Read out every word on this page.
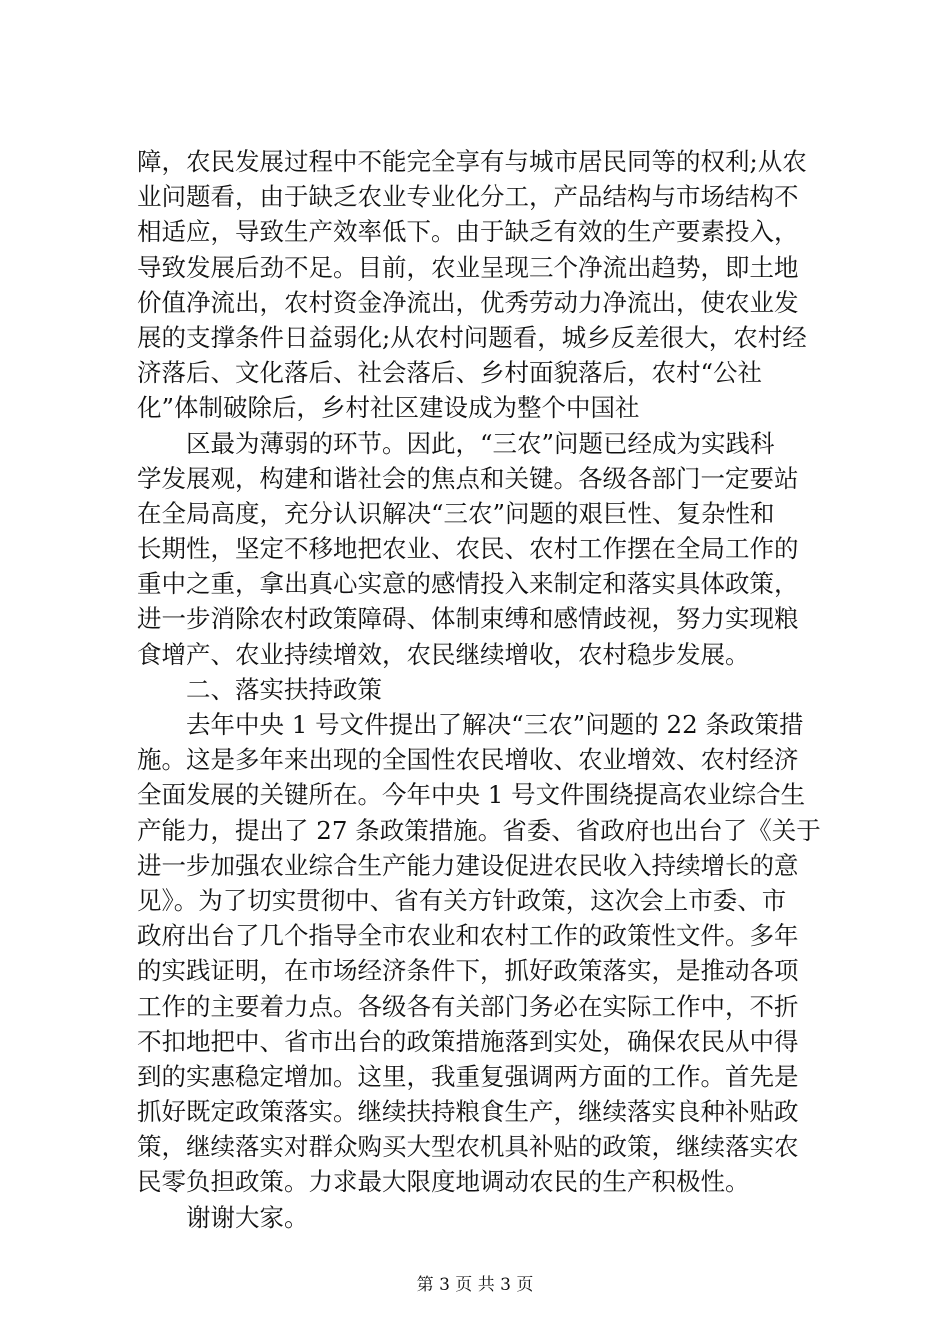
障，农民发展过程中不能完全享有与城市居民同等的权利;从农
业问题看，由于缺乏农业专业化分工，产品结构与市场结构不
相适应，导致生产效率低下。由于缺乏有效的生产要素投入，
导致发展后劲不足。目前，农业呈现三个净流出趋势，即土地
价值净流出，农村资金净流出，优秀劳动力净流出，使农业发
展的支撑条件日益弱化;从农村问题看，城乡反差很大，农村经
济落后、文化落后、社会落后、乡村面貌落后，农村“公社
化”体制破除后，乡村社区建设成为整个中国社
区最为薄弱的环节。因此，“三农”问题已经成为实践科
学发展观，构建和谐社会的焦点和关键。各级各部门一定要站
在全局高度，充分认识解决“三农”问题的艰巨性、复杂性和
长期性，坚定不移地把农业、农民、农村工作摆在全局工作的
重中之重，拿出真心实意的感情投入来制定和落实具体政策，
进一步消除农村政策障碍、体制束缚和感情歧视，努力实现粮
食增产、农业持续增效，农民继续增收，农村稳步发展。
二、落实扶持政策
去年中央 1 号文件提出了解决“三农”问题的 22 条政策措
施。这是多年来出现的全国性农民增收、农业增效、农村经济
全面发展的关键所在。今年中央 1 号文件围绕提高农业综合生
产能力，提出了 27 条政策措施。省委、省政府也出台了《关于
进一步加强农业综合生产能力建设促进农民收入持续增长的意
见》。为了切实贯彻中、省有关方针政策，这次会上市委、市
政府出台了几个指导全市农业和农村工作的政策性文件。多年
的实践证明，在市场经济条件下，抓好政策落实，是推动各项
工作的主要着力点。各级各有关部门务必在实际工作中，不折
不扣地把中、省市出台的政策措施落到实处，确保农民从中得
到的实惠稳定增加。这里，我重复强调两方面的工作。首先是
抓好既定政策落实。继续扶持粮食生产，继续落实良种补贴政
策，继续落实对群众购买大型农机具补贴的政策，继续落实农
民零负担政策。力求最大限度地调动农民的生产积极性。
谢谢大家。
第 3 页 共 3 页
